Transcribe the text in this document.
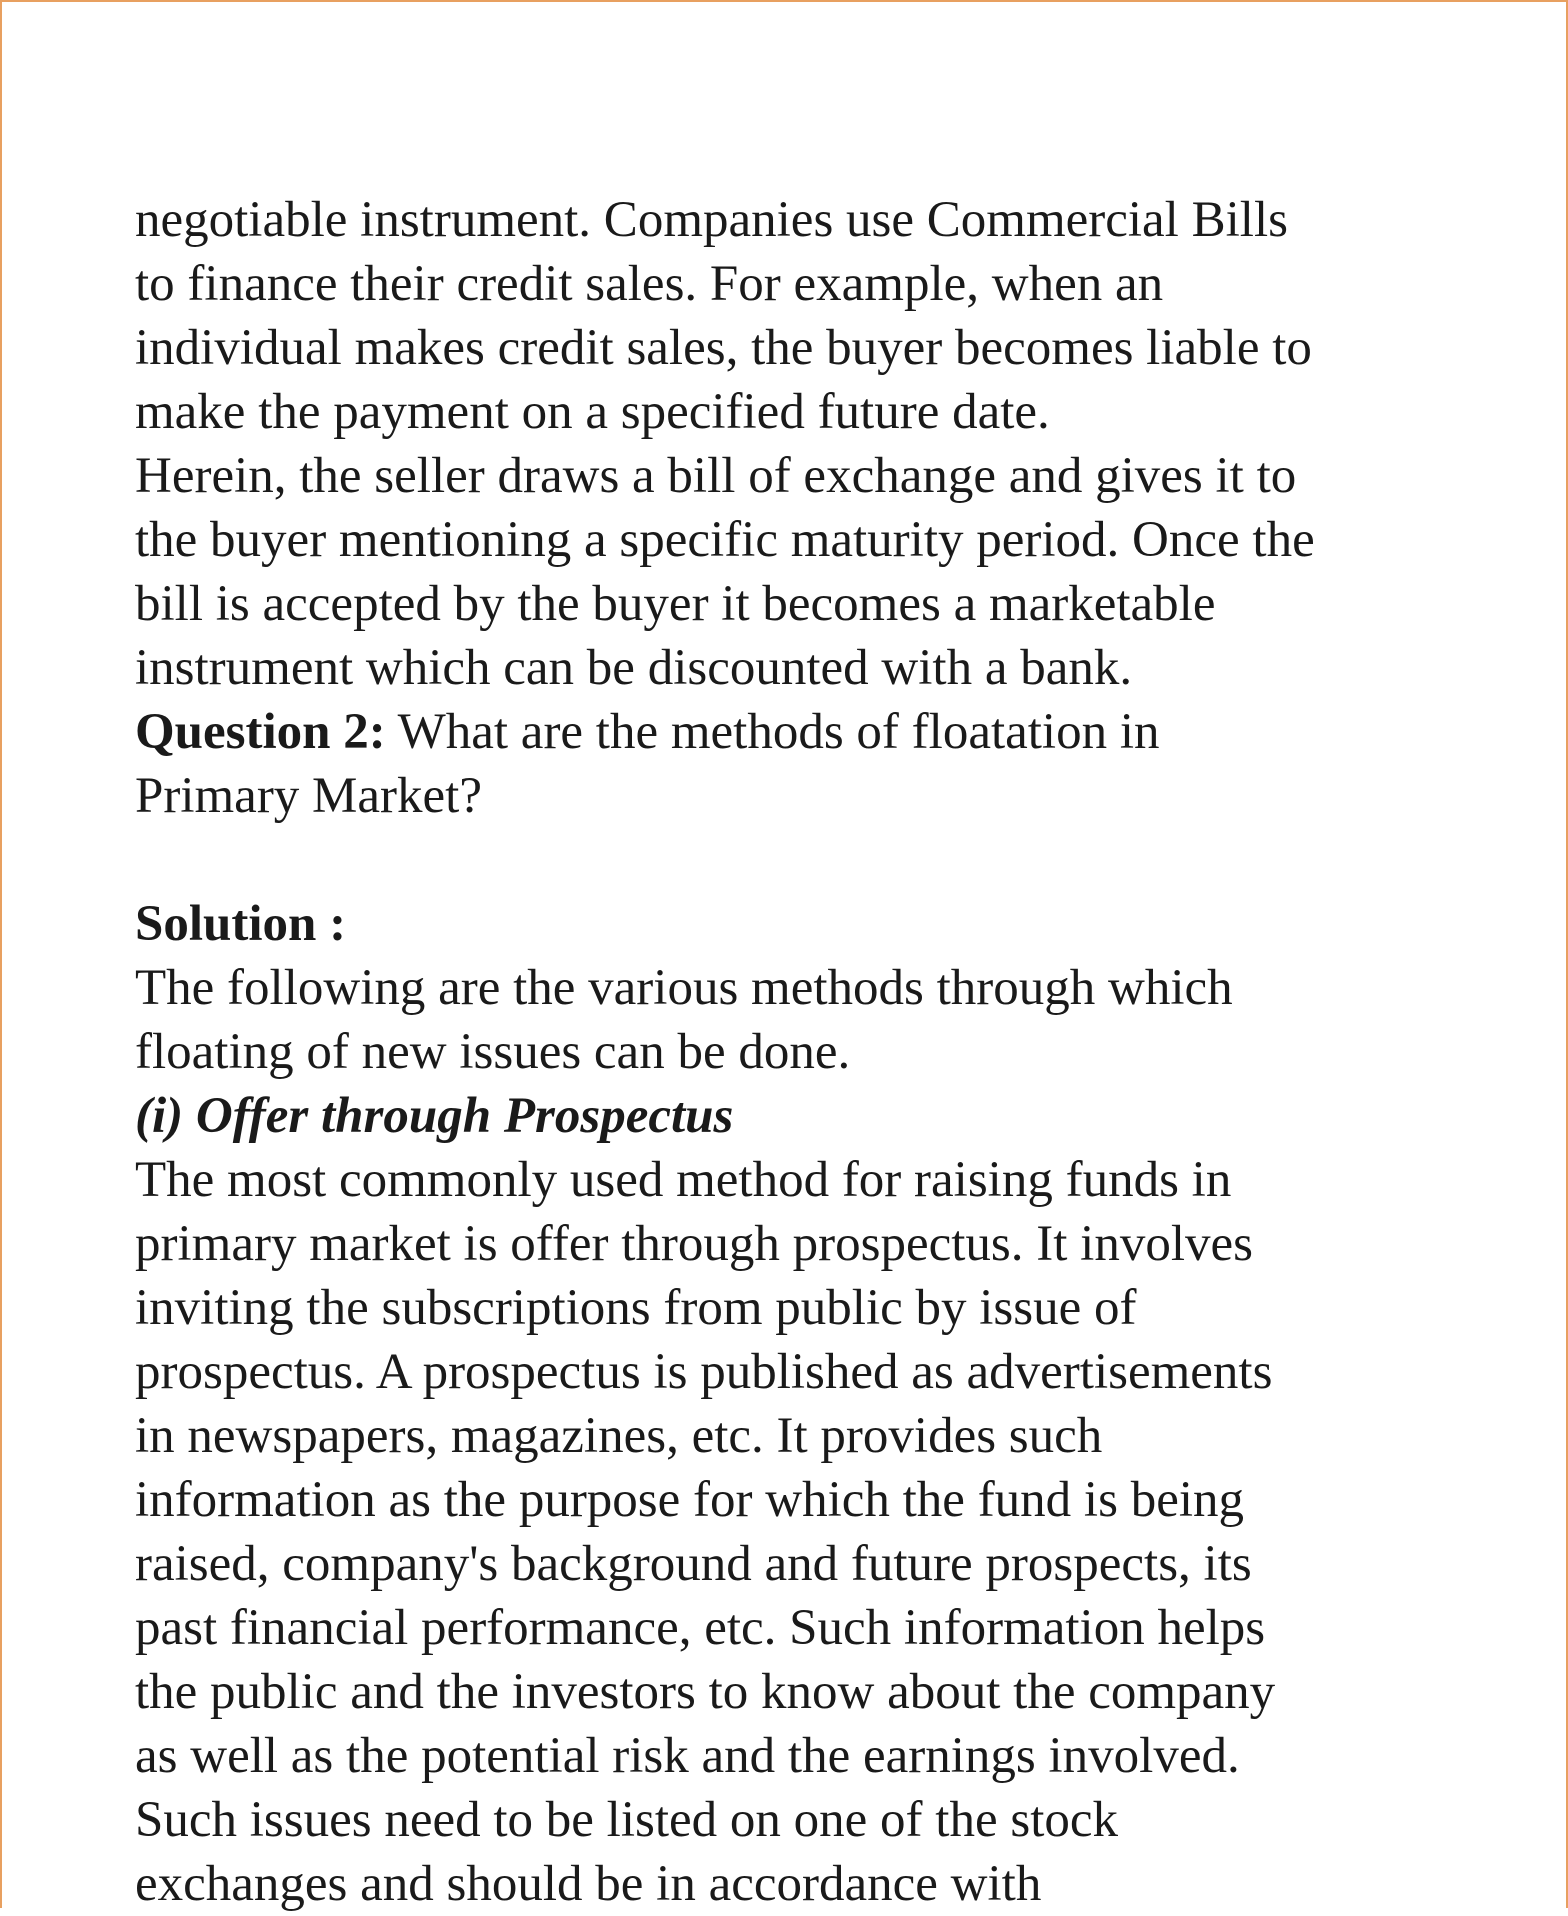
negotiable instrument. Companies use Commercial Bills
to finance their credit sales. For example, when an
individual makes credit sales, the buyer becomes liable to
make the payment on a specified future date.
Herein, the seller draws a bill of exchange and gives it to
the buyer mentioning a specific maturity period. Once the
bill is accepted by the buyer it becomes a marketable
instrument which can be discounted with a bank.
Question 2: What are the methods of floatation in
Primary Market?
Solution :
The following are the various methods through which
floating of new issues can be done.
(i) Offer through Prospectus
The most commonly used method for raising funds in
primary market is offer through prospectus. It involves
inviting the subscriptions from public by issue of
prospectus. A prospectus is published as advertisements
in newspapers, magazines, etc. It provides such
information as the purpose for which the fund is being
raised, company's background and future prospects, its
past financial performance, etc. Such information helps
the public and the investors to know about the company
as well as the potential risk and the earnings involved.
Such issues need to be listed on one of the stock
exchanges and should be in accordance with
